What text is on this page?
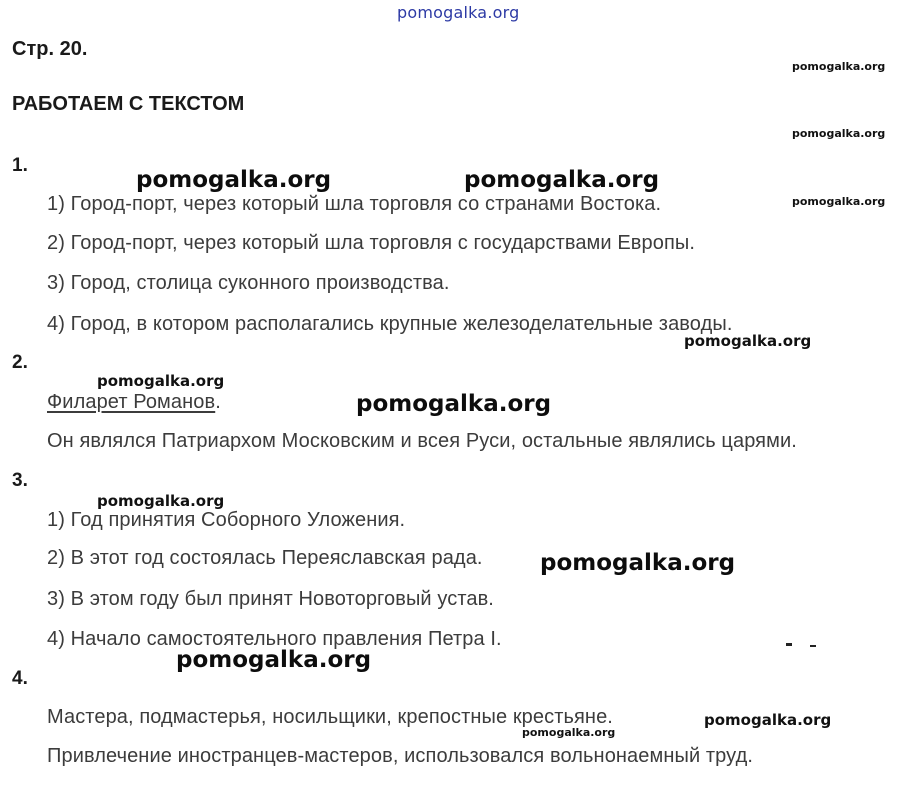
pomogalka.org
Стр. 20.
РАБОТАЕМ С ТЕКСТОМ
1.
1) Город-порт, через который шла торговля со странами Востока.
2) Город-порт, через который шла торговля с государствами Европы.
3) Город, столица суконного производства.
4) Город, в котором располагались крупные железоделательные заводы.
2.
Филарет Романов.
Он являлся Патриархом Московским и всея Руси, остальные являлись царями.
3.
1) Год принятия Соборного Уложения.
2) В этот год состоялась Переяславская рада.
3) В этом году был принят Новоторговый устав.
4) Начало самостоятельного правления Петра I.
4.
Мастера, подмастерья, носильщики, крепостные крестьяне.
Привлечение иностранцев-мастеров, использовался вольнонаемный труд.
pomogalka.org
pomogalka.org
pomogalka.org
pomogalka.org
pomogalka.org
pomogalka.org
pomogalka.org
pomogalka.org
pomogalka.org	pomogalka.org
pomogalka.org
pomogalka.org
pomogalka.org
